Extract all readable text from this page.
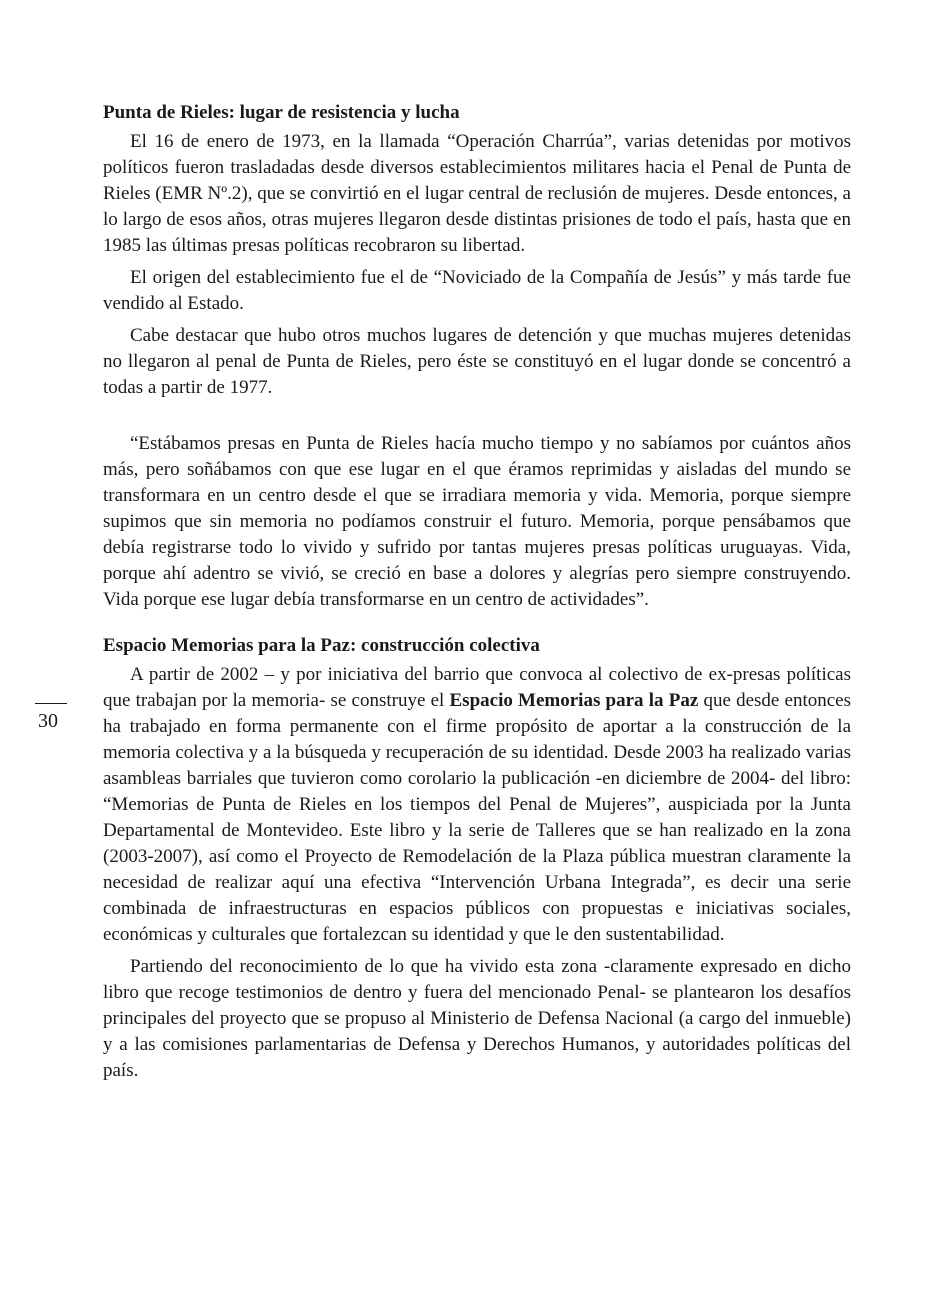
Punta de Rieles: lugar de resistencia y lucha

El 16 de enero de 1973, en la llamada “Operación Charrúa”, varias detenidas por motivos políticos fueron trasladadas desde diversos establecimientos militares hacia el Penal de Punta de Rieles (EMR Nº.2), que se convirtió en el lugar central de reclusión de mujeres. Desde entonces, a lo largo de esos años, otras mujeres llegaron desde distintas prisiones de todo el país, hasta que en 1985 las últimas presas políticas recobraron su libertad.

El origen del establecimiento fue el de “Noviciado de la Compañía de Jesús” y más tarde fue vendido al Estado.

Cabe destacar que hubo otros muchos lugares de detención y que muchas mujeres detenidas no llegaron al penal de Punta de Rieles, pero éste se constituyó en el lugar donde se concentró a todas a partir de 1977.

“Estábamos presas en Punta de Rieles hacía mucho tiempo y no sabíamos por cuántos años más, pero soñábamos con que ese lugar en el que éramos reprimidas y aisladas del mundo se transformara en un centro desde el que se irradiara memoria y vida. Memoria, porque siempre supimos que sin memoria no podíamos construir el futuro. Memoria, porque pensábamos que debía registrarse todo lo vivido y sufrido por tantas mujeres presas políticas uruguayas. Vida, porque ahí adentro se vivió, se creció en base a dolores y alegrías pero siempre construyendo. Vida porque ese lugar debía transformarse en un centro de actividades”.

Espacio Memorias para la Paz: construcción colectiva

A partir de 2002 – y por iniciativa del barrio que convoca al colectivo de ex-presas políticas que trabajan por la memoria- se construye el Espacio Memorias para la Paz que desde entonces ha trabajado en forma permanente con el firme propósito de aportar a la construcción de la memoria colectiva y a la búsqueda y recuperación de su identidad. Desde 2003 ha realizado varias asambleas barriales que tuvieron como corolario la publicación -en diciembre de 2004- del libro: “Memorias de Punta de Rieles en los tiempos del Penal de Mujeres”, auspiciada por la Junta Departamental de Montevideo. Este libro y la serie de Talleres que se han realizado en la zona (2003-2007), así como el Proyecto de Remodelación de la Plaza pública muestran claramente la necesidad de realizar aquí una efectiva “Intervención Urbana Integrada”, es decir una serie combinada de infraestructuras en espacios públicos con propuestas e iniciativas sociales, económicas y culturales que fortalezcan su identidad y que le den sustentabilidad.

Partiendo del reconocimiento de lo que ha vivido esta zona -claramente expresado en dicho libro que recoge testimonios de dentro y fuera del mencionado Penal- se plantearon los desafíos principales del proyecto que se propuso al Ministerio de Defensa Nacional (a cargo del inmueble) y a las comisiones parlamentarias de Defensa y Derechos Humanos, y autoridades políticas del país.

30
